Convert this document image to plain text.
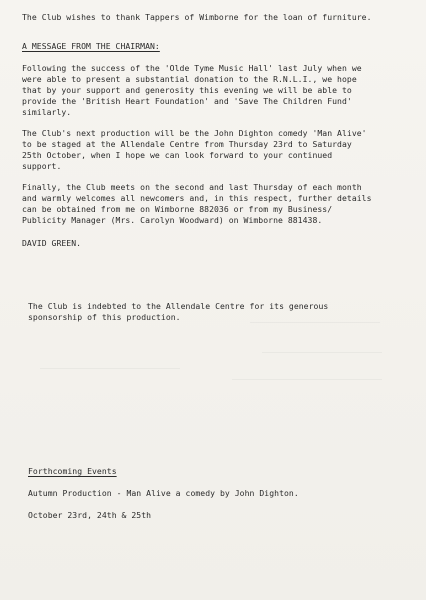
The Club wishes to thank Tappers of Wimborne for the loan of furniture.
A MESSAGE FROM THE CHAIRMAN:
Following the success of the 'Olde Tyme Music Hall' last July when we
were able to present a substantial donation to the R.N.L.I., we hope
that by your support and generosity this evening we will be able to
provide the 'British Heart Foundation' and 'Save The Children Fund'
similarly.
The Club's next production will be the John Dighton comedy 'Man Alive'
to be staged at the Allendale Centre from Thursday 23rd to Saturday
25th October, when I hope we can look forward to your continued
support.
Finally, the Club meets on the second and last Thursday of each month
and warmly welcomes all newcomers and, in this respect, further details
can be obtained from me on Wimborne 882036 or from my Business/
Publicity Manager (Mrs. Carolyn Woodward) on Wimborne 881438.
DAVID GREEN.
The Club is indebted to the Allendale Centre for its generous
sponsorship of this production.
Forthcoming Events
Autumn Production - Man Alive a comedy by John Dighton.
October 23rd, 24th & 25th
